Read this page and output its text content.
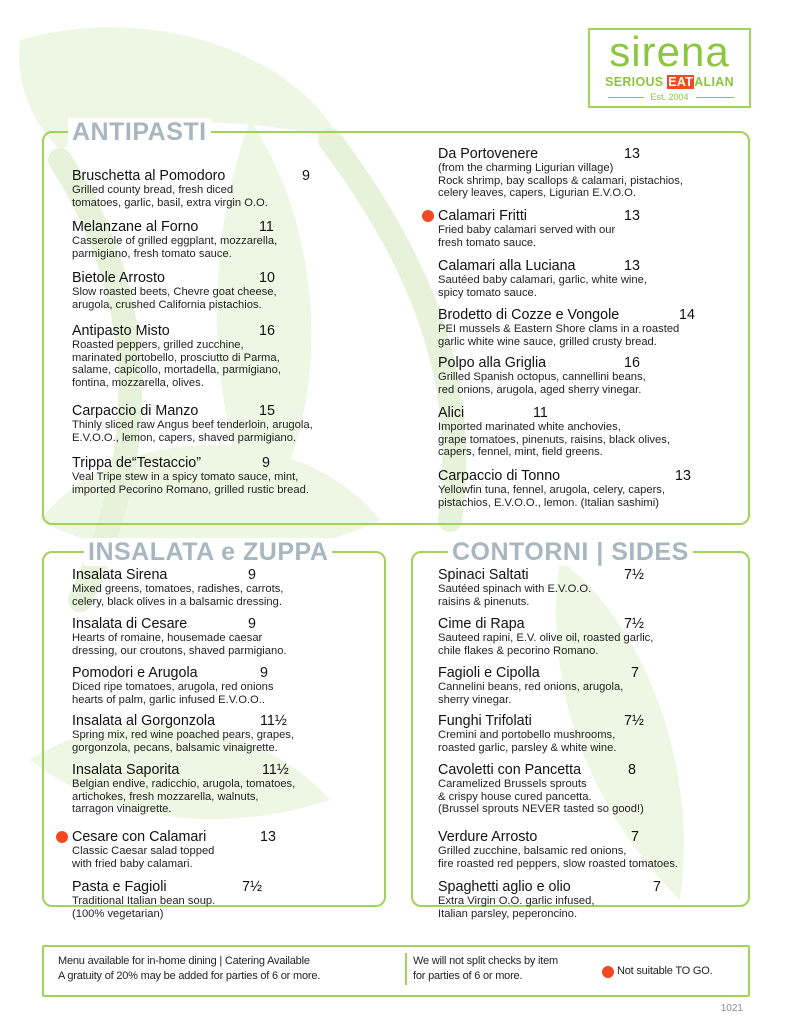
sirena
SERIOUS EATALIAN
Est. 2004
ANTIPASTI
Bruschetta al Pomodoro	9
Grilled county bread, fresh diced
tomatoes, garlic, basil, extra virgin O.O.
Melanzane al Forno	11
Casserole of grilled eggplant, mozzarella,
parmigiano, fresh tomato sauce.
Bietole Arrosto	10
Slow roasted beets, Chevre goat cheese,
arugola, crushed California pistachios.
Antipasto Misto	16
Roasted peppers, grilled zucchine,
marinated portobello, prosciutto di Parma,
salame, capicollo, mortadella, parmigiano,
fontina, mozzarella, olives.
Carpaccio di Manzo	15
Thinly sliced raw Angus beef tenderloin, arugola,
E.V.O.O., lemon, capers, shaved parmigiano.
Trippa de“Testaccio”	9
Veal Tripe stew in a spicy tomato sauce, mint,
imported Pecorino Romano, grilled rustic bread.
Da Portovenere	13
(from the charming Ligurian village)
Rock shrimp, bay scallops & calamari, pistachios,
celery leaves, capers, Ligurian E.V.O.O.
Calamari Fritti	13
Fried baby calamari served with our
fresh tomato sauce.
Calamari alla Luciana	13
Sautéed baby calamari, garlic, white wine,
spicy tomato sauce.
Brodetto di Cozze e Vongole	14
PEI mussels & Eastern Shore clams in a roasted
garlic white wine sauce, grilled crusty bread.
Polpo alla Griglia	16
Grilled Spanish octopus, cannellini beans,
red onions, arugola, aged sherry vinegar.
Alici	11
Imported marinated white anchovies,
grape tomatoes, pinenuts, raisins, black olives,
capers, fennel, mint, field greens.
Carpaccio di Tonno	13
Yellowfin tuna, fennel, arugola, celery, capers,
pistachios, E.V.O.O., lemon. (Italian sashimi)
INSALATA e ZUPPA
Insalata Sirena	9
Mixed greens, tomatoes, radishes, carrots,
celery, black olives in a balsamic dressing.
Insalata di Cesare	9
Hearts of romaine, housemade caesar
dressing, our croutons, shaved parmigiano.
Pomodori e Arugola	9
Diced ripe tomatoes, arugola, red onions
hearts of palm, garlic infused E.V.O.O..
Insalata al Gorgonzola	11½
Spring mix, red wine poached pears, grapes,
gorgonzola, pecans, balsamic vinaigrette.
Insalata Saporita	11½
Belgian endive, radicchio, arugola, tomatoes,
artichokes, fresh mozzarella, walnuts,
tarragon vinaigrette.
Cesare con Calamari	13
Classic Caesar salad topped
with fried baby calamari.
Pasta e Fagioli	7½
Traditional Italian bean soup.
(100% vegetarian)
CONTORNI | SIDES
Spinaci Saltati	7½
Sautéed spinach with E.V.O.O.
raisins & pinenuts.
Cime di Rapa	7½
Sauteed rapini, E.V. olive oil, roasted garlic,
chile flakes & pecorino Romano.
Fagioli e Cipolla	7
Cannelini beans, red onions, arugola,
sherry vinegar.
Funghi Trifolati	7½
Cremini and portobello mushrooms,
roasted garlic, parsley & white wine.
Cavoletti con Pancetta	8
Caramelized Brussels sprouts
& crispy house cured pancetta.
(Brussel sprouts NEVER tasted so good!)
Verdure Arrosto	7
Grilled zucchine, balsamic red onions,
fire roasted red peppers, slow roasted tomatoes.
Spaghetti aglio e olio	7
Extra Virgin O.O. garlic infused,
Italian parsley, peperoncino.
Menu available for in-home dining | Catering Available
A gratuity of 20% may be added for parties of 6 or more.
We will not split checks by item
for parties of 6 or more.	Not suitable TO GO.
1021
